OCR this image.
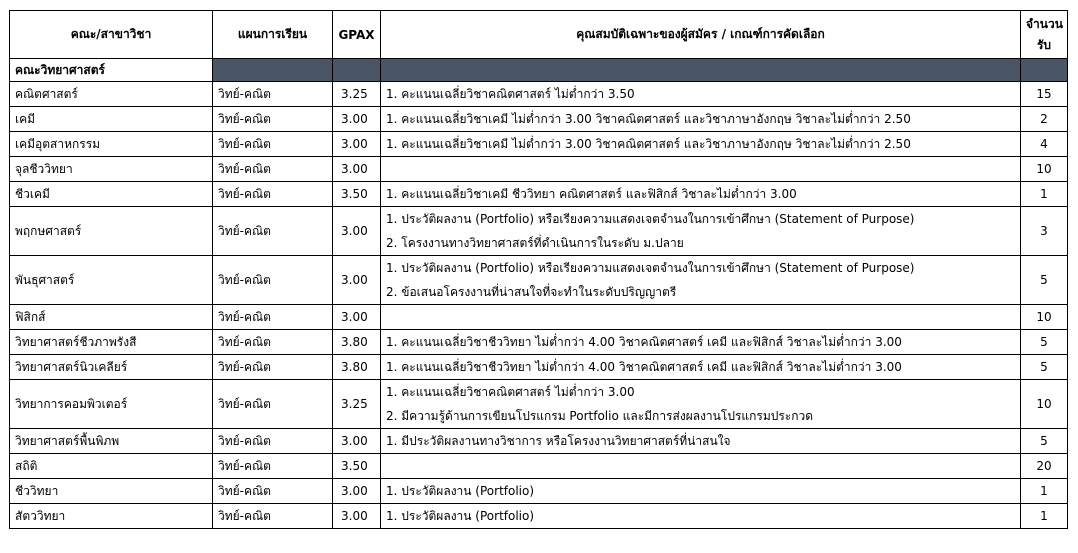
คณะ/สาขาวิชา	แผนการเรียน	GPAX	คุณสมบัติเฉพาะของผู้สมัคร / เกณฑ์การคัดเลือก	จำนวน
รับ
คณะวิทยาศาสตร์				
คณิตศาสตร์	วิทย์-คณิต	3.25	1. คะแนนเฉลี่ยวิชาคณิตศาสตร์ ไม่ต่ำกว่า 3.50	15
เคมี	วิทย์-คณิต	3.00	1. คะแนนเฉลี่ยวิชาเคมี ไม่ต่ำกว่า 3.00 วิชาคณิตศาสตร์ และวิชาภาษาอังกฤษ วิชาละไม่ต่ำกว่า 2.50	2
เคมีอุตสาหกรรม	วิทย์-คณิต	3.00	1. คะแนนเฉลี่ยวิชาเคมี ไม่ต่ำกว่า 3.00 วิชาคณิตศาสตร์ และวิชาภาษาอังกฤษ วิชาละไม่ต่ำกว่า 2.50	4
จุลชีววิทยา	วิทย์-คณิต	3.00		10
ชีวเคมี	วิทย์-คณิต	3.50	1. คะแนนเฉลี่ยวิชาเคมี ชีววิทยา คณิตศาสตร์ และฟิสิกส์ วิชาละไม่ต่ำกว่า 3.00	1
พฤกษศาสตร์	วิทย์-คณิต	3.00	1. ประวัติผลงาน (Portfolio) หรือเรียงความแสดงเจตจำนงในการเข้าศึกษา (Statement of Purpose)
2. โครงงานทางวิทยาศาสตร์ที่ดำเนินการในระดับ ม.ปลาย	3
พันธุศาสตร์	วิทย์-คณิต	3.00	1. ประวัติผลงาน (Portfolio) หรือเรียงความแสดงเจตจำนงในการเข้าศึกษา (Statement of Purpose)
2. ข้อเสนอโครงงานที่น่าสนใจที่จะทำในระดับปริญญาตรี	5
ฟิสิกส์	วิทย์-คณิต	3.00		10
วิทยาศาสตร์ชีวภาพรังสี	วิทย์-คณิต	3.80	1. คะแนนเฉลี่ยวิชาชีววิทยา ไม่ต่ำกว่า 4.00 วิชาคณิตศาสตร์ เคมี และฟิสิกส์ วิชาละไม่ต่ำกว่า 3.00	5
วิทยาศาสตร์นิวเคลียร์	วิทย์-คณิต	3.80	1. คะแนนเฉลี่ยวิชาชีววิทยา ไม่ต่ำกว่า 4.00 วิชาคณิตศาสตร์ เคมี และฟิสิกส์ วิชาละไม่ต่ำกว่า 3.00	5
วิทยาการคอมพิวเตอร์	วิทย์-คณิต	3.25	1. คะแนนเฉลี่ยวิชาคณิตศาสตร์ ไม่ต่ำกว่า 3.00
2. มีความรู้ด้านการเขียนโปรแกรม Portfolio และมีการส่งผลงานโปรแกรมประกวด	10
วิทยาศาสตร์พื้นพิภพ	วิทย์-คณิต	3.00	1. มีประวัติผลงานทางวิชาการ หรือโครงงานวิทยาศาสตร์ที่น่าสนใจ	5
สถิติ	วิทย์-คณิต	3.50		20
ชีววิทยา	วิทย์-คณิต	3.00	1. ประวัติผลงาน (Portfolio)	1
สัตววิทยา	วิทย์-คณิต	3.00	1. ประวัติผลงาน (Portfolio)	1
